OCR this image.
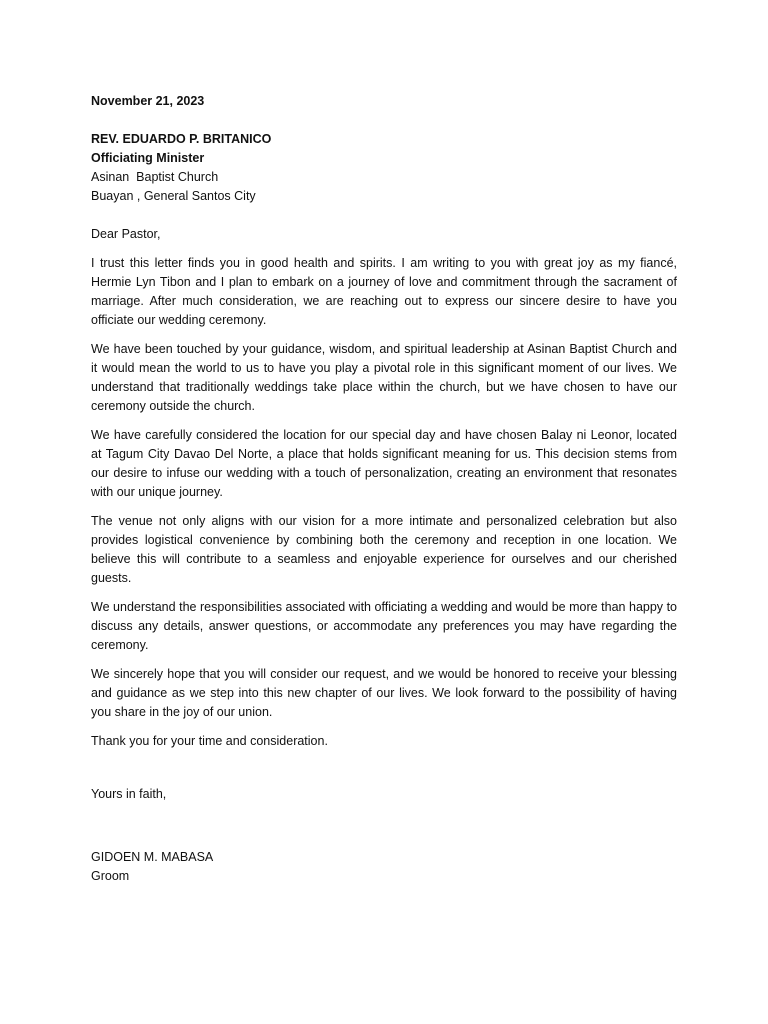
November 21, 2023

REV. EDUARDO P. BRITANICO

Officiating Minister

Asinan  Baptist Church

Buayan , General Santos City

Dear Pastor,

I trust this letter finds you in good health and spirits. I am writing to you with great joy as my fiancé, Hermie Lyn Tibon and I plan to embark on a journey of love and commitment through the sacrament of marriage. After much consideration, we are reaching out to express our sincere desire to have you officiate our wedding ceremony.

We have been touched by your guidance, wisdom, and spiritual leadership at Asinan Baptist Church and it would mean the world to us to have you play a pivotal role in this significant moment of our lives. We understand that traditionally weddings take place within the church, but we have chosen to have our ceremony outside the church.

We have carefully considered the location for our special day and have chosen Balay ni Leonor, located at Tagum City Davao Del Norte, a place that holds significant meaning for us. This decision stems from our desire to infuse our wedding with a touch of personalization, creating an environment that resonates with our unique journey.

The venue not only aligns with our vision for a more intimate and personalized celebration but also provides logistical convenience by combining both the ceremony and reception in one location. We believe this will contribute to a seamless and enjoyable experience for ourselves and our cherished guests.

We understand the responsibilities associated with officiating a wedding and would be more than happy to discuss any details, answer questions, or accommodate any preferences you may have regarding the ceremony.

We sincerely hope that you will consider our request, and we would be honored to receive your blessing and guidance as we step into this new chapter of our lives. We look forward to the possibility of having you share in the joy of our union.

Thank you for your time and consideration.

Yours in faith,

GIDOEN M. MABASA

Groom
